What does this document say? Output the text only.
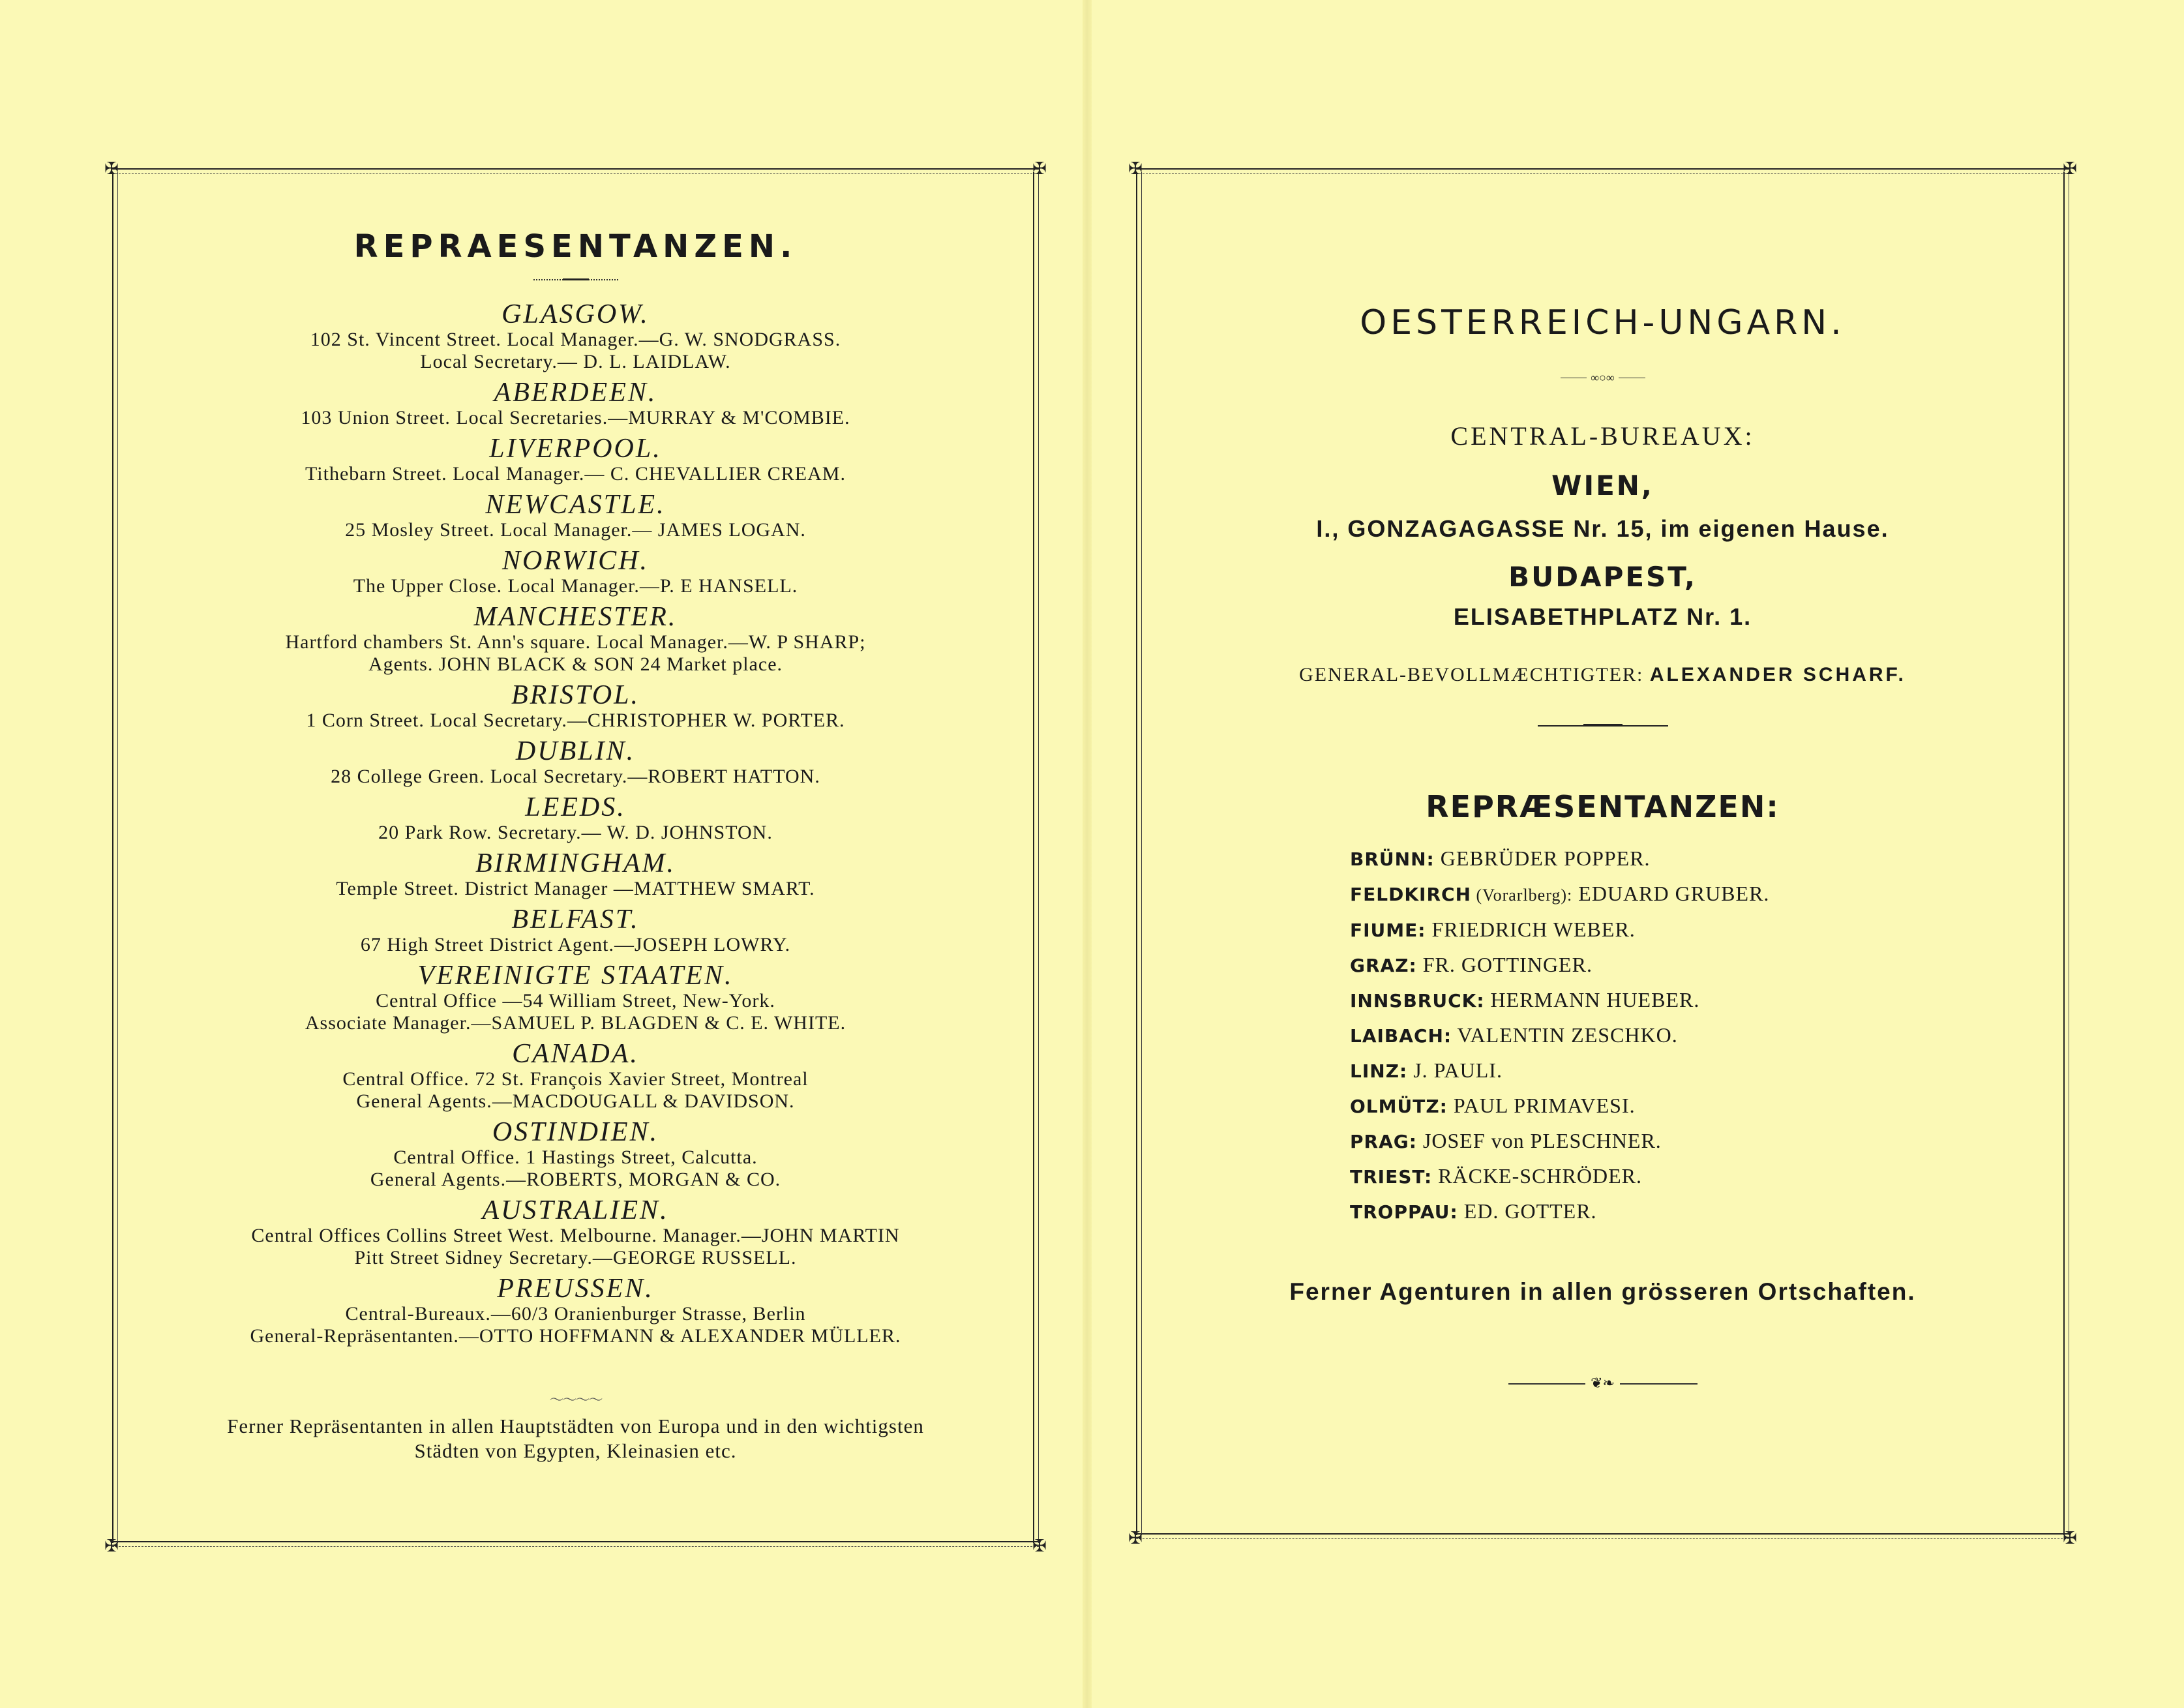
✠	✠
✠	✠
REPRAESENTANZEN.
GLASGOW.
102 St. Vincent Street. Local Manager.—G. W. SNODGRASS.
Local Secretary.— D. L. LAIDLAW.
ABERDEEN.
103 Union Street. Local Secretaries.—MURRAY & M'COMBIE.
LIVERPOOL.
Tithebarn Street. Local Manager.— C. CHEVALLIER CREAM.
NEWCASTLE.
25 Mosley Street. Local Manager.— JAMES LOGAN.
NORWICH.
The Upper Close. Local Manager.—P. E HANSELL.
MANCHESTER.
Hartford chambers St. Ann's square. Local Manager.—W. P SHARP;
Agents. JOHN BLACK & SON 24 Market place.
BRISTOL.
1 Corn Street. Local Secretary.—CHRISTOPHER W. PORTER.
DUBLIN.
28 College Green. Local Secretary.—ROBERT HATTON.
LEEDS.
20 Park Row. Secretary.— W. D. JOHNSTON.
BIRMINGHAM.
Temple Street. District Manager —MATTHEW SMART.
BELFAST.
67 High Street District Agent.—JOSEPH LOWRY.
VEREINIGTE STAATEN.
Central Office —54 William Street, New-York.
Associate Manager.—SAMUEL P. BLAGDEN & C. E. WHITE.
CANADA.
Central Office. 72 St. François Xavier Street, Montreal
General Agents.—MACDOUGALL & DAVIDSON.
OSTINDIEN.
Central Office. 1 Hastings Street, Calcutta.
General Agents.—ROBERTS, MORGAN & CO.
AUSTRALIEN.
Central Offices Collins Street West. Melbourne. Manager.—JOHN MARTIN
Pitt Street Sidney Secretary.—GEORGE RUSSELL.
PREUSSEN.
Central-Bureaux.—60/3 Oranienburger Strasse, Berlin
General-Repräsentanten.—OTTO HOFFMANN & ALEXANDER MÜLLER.
〜〜〜〜
Ferner Repräsentanten in allen Hauptstädten von Europa und in den wichtigsten
Städten von Egypten, Kleinasien etc.
✠	✠
✠	✠
OESTERREICH-UNGARN.
∞○∞
CENTRAL-BUREAUX:
WIEN,
I., GONZAGAGASSE Nr. 15, im eigenen Hause.
BUDAPEST,
ELISABETHPLATZ Nr. 1.
GENERAL-BEVOLLMÆCHTIGTER: ALEXANDER SCHARF.
REPRÆSENTANZEN:
BRÜNN: GEBRÜDER POPPER.
FELDKIRCH (Vorarlberg): EDUARD GRUBER.
FIUME: FRIEDRICH WEBER.
GRAZ: FR. GOTTINGER.
INNSBRUCK: HERMANN HUEBER.
LAIBACH: VALENTIN ZESCHKO.
LINZ: J. PAULI.
OLMÜTZ: PAUL PRIMAVESI.
PRAG: JOSEF von PLESCHNER.
TRIEST: RÄCKE-SCHRÖDER.
TROPPAU: ED. GOTTER.
Ferner Agenturen in allen grösseren Ortschaften.
❦❧
